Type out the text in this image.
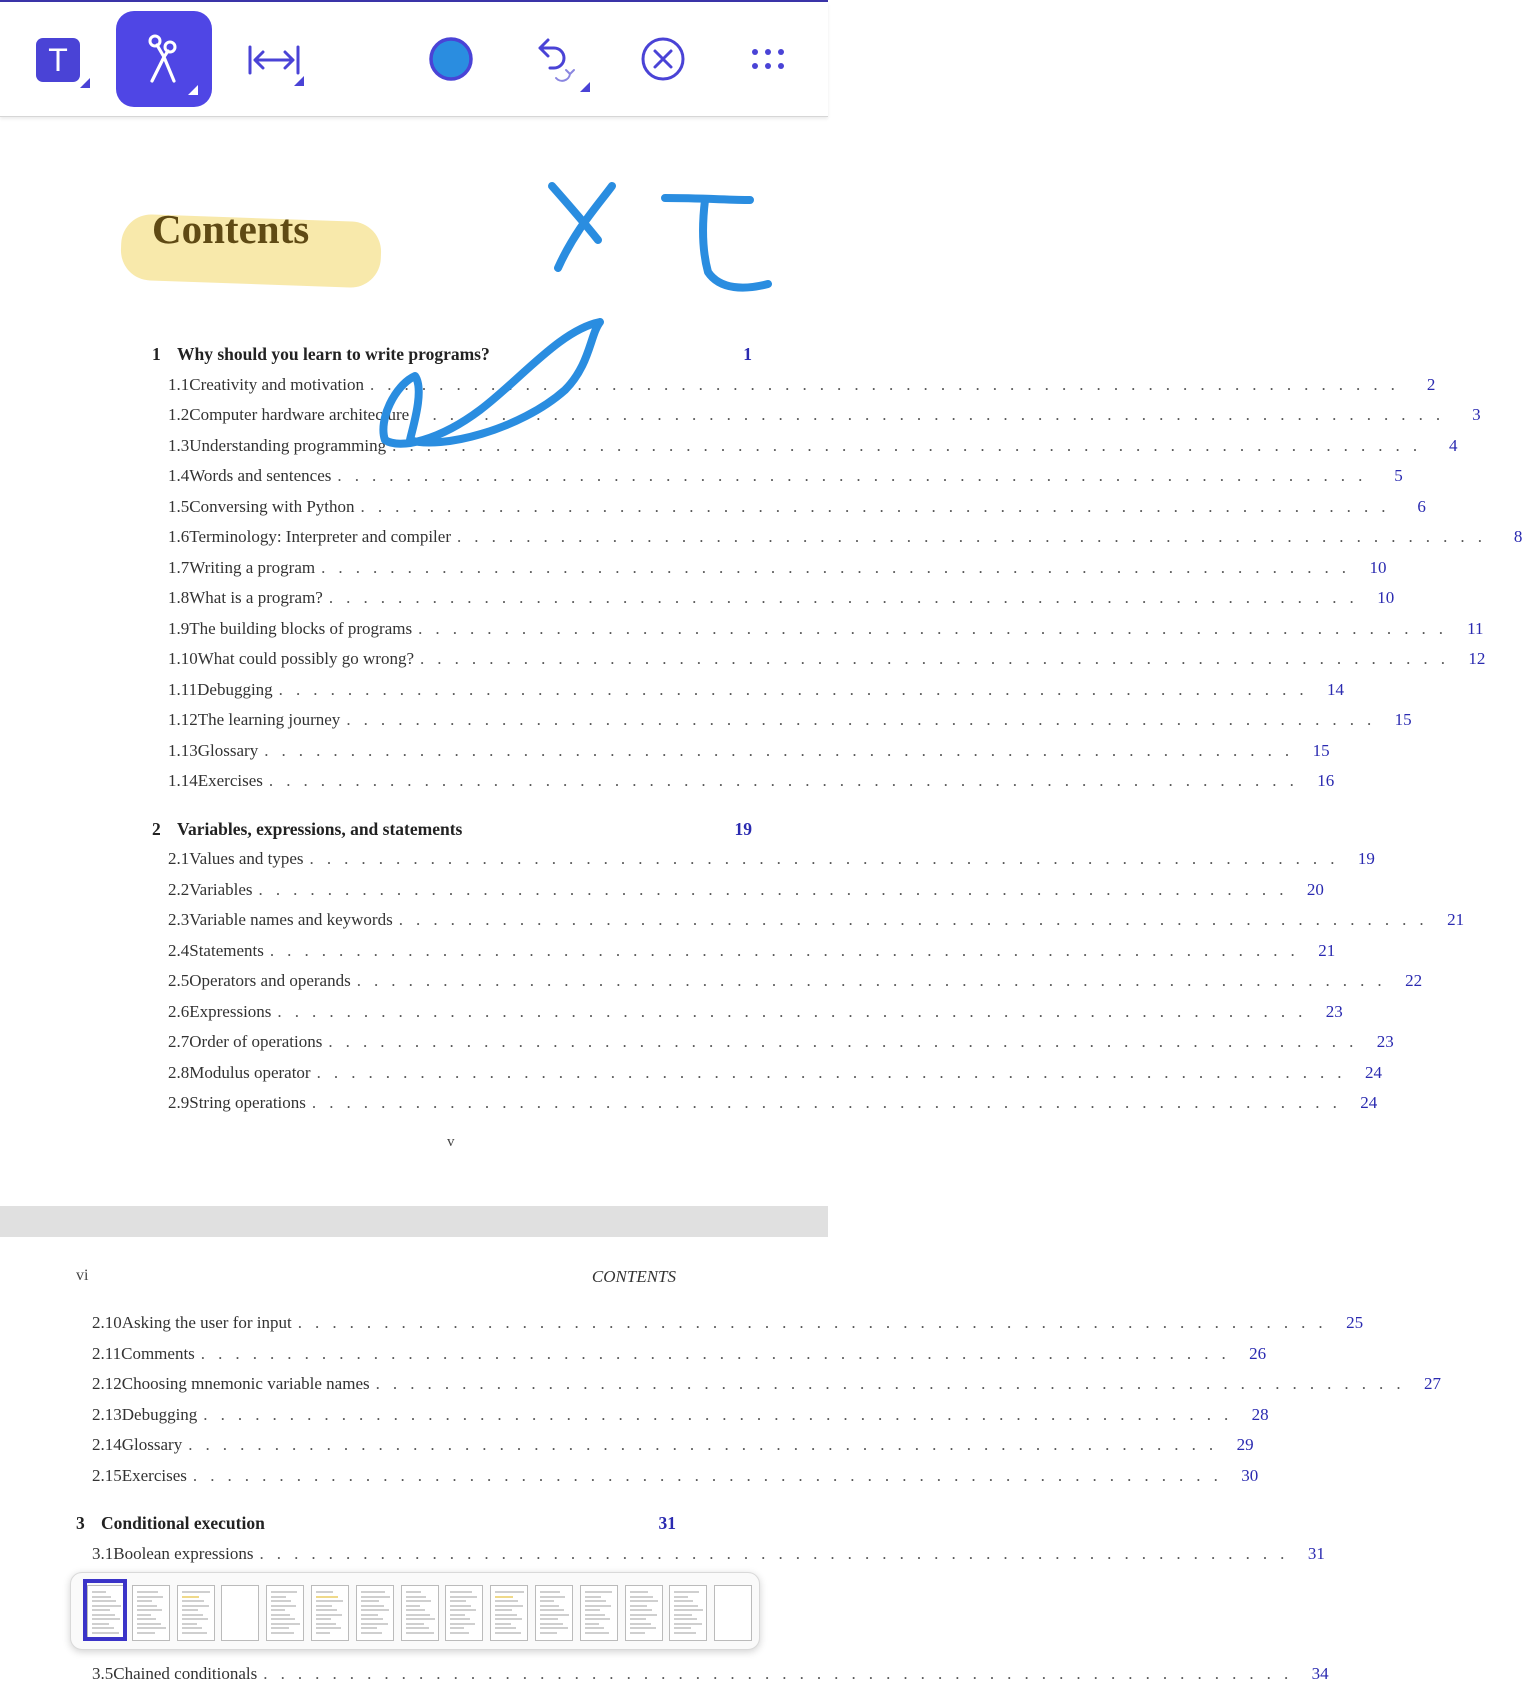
T
Contents
1 Why should you learn to write programs?	1
1.1 Creativity and motivation . . . . . . . . . . . . . . . . . . . . . . . . . . . . . . . . . . . . . . . . . . . . . . . . . . . . . . . . . . . .	2
1.2 Computer hardware architecture . . . . . . . . . . . . . . . . . . . . . . . . . . . . . . . . . . . . . . . . . . . . . . . . . . . . . . . . . . . .	3
1.3 Understanding programming . . . . . . . . . . . . . . . . . . . . . . . . . . . . . . . . . . . . . . . . . . . . . . . . . . . . . . . . . . . .	4
1.4 Words and sentences . . . . . . . . . . . . . . . . . . . . . . . . . . . . . . . . . . . . . . . . . . . . . . . . . . . . . . . . . . . .	5
1.5 Conversing with Python . . . . . . . . . . . . . . . . . . . . . . . . . . . . . . . . . . . . . . . . . . . . . . . . . . . . . . . . . . . .	6
1.6 Terminology: Interpreter and compiler . . . . . . . . . . . . . . . . . . . . . . . . . . . . . . . . . . . . . . . . . . . . . . . . . . . . . . . . . . . .	8
1.7 Writing a program . . . . . . . . . . . . . . . . . . . . . . . . . . . . . . . . . . . . . . . . . . . . . . . . . . . . . . . . . . . .	10
1.8 What is a program? . . . . . . . . . . . . . . . . . . . . . . . . . . . . . . . . . . . . . . . . . . . . . . . . . . . . . . . . . . . .	10
1.9 The building blocks of programs . . . . . . . . . . . . . . . . . . . . . . . . . . . . . . . . . . . . . . . . . . . . . . . . . . . . . . . . . . . .	11
1.10 What could possibly go wrong? . . . . . . . . . . . . . . . . . . . . . . . . . . . . . . . . . . . . . . . . . . . . . . . . . . . . . . . . . . . .	12
1.11 Debugging . . . . . . . . . . . . . . . . . . . . . . . . . . . . . . . . . . . . . . . . . . . . . . . . . . . . . . . . . . . .	14
1.12 The learning journey . . . . . . . . . . . . . . . . . . . . . . . . . . . . . . . . . . . . . . . . . . . . . . . . . . . . . . . . . . . .	15
1.13 Glossary . . . . . . . . . . . . . . . . . . . . . . . . . . . . . . . . . . . . . . . . . . . . . . . . . . . . . . . . . . . .	15
1.14 Exercises . . . . . . . . . . . . . . . . . . . . . . . . . . . . . . . . . . . . . . . . . . . . . . . . . . . . . . . . . . . .	16
2 Variables, expressions, and statements	19
2.1 Values and types . . . . . . . . . . . . . . . . . . . . . . . . . . . . . . . . . . . . . . . . . . . . . . . . . . . . . . . . . . . .	19
2.2 Variables . . . . . . . . . . . . . . . . . . . . . . . . . . . . . . . . . . . . . . . . . . . . . . . . . . . . . . . . . . . .	20
2.3 Variable names and keywords . . . . . . . . . . . . . . . . . . . . . . . . . . . . . . . . . . . . . . . . . . . . . . . . . . . . . . . . . . . .	21
2.4 Statements . . . . . . . . . . . . . . . . . . . . . . . . . . . . . . . . . . . . . . . . . . . . . . . . . . . . . . . . . . . .	21
2.5 Operators and operands . . . . . . . . . . . . . . . . . . . . . . . . . . . . . . . . . . . . . . . . . . . . . . . . . . . . . . . . . . . .	22
2.6 Expressions . . . . . . . . . . . . . . . . . . . . . . . . . . . . . . . . . . . . . . . . . . . . . . . . . . . . . . . . . . . .	23
2.7 Order of operations . . . . . . . . . . . . . . . . . . . . . . . . . . . . . . . . . . . . . . . . . . . . . . . . . . . . . . . . . . . .	23
2.8 Modulus operator . . . . . . . . . . . . . . . . . . . . . . . . . . . . . . . . . . . . . . . . . . . . . . . . . . . . . . . . . . . .	24
2.9 String operations . . . . . . . . . . . . . . . . . . . . . . . . . . . . . . . . . . . . . . . . . . . . . . . . . . . . . . . . . . . .	24
v
vi	CONTENTS
2.10 Asking the user for input . . . . . . . . . . . . . . . . . . . . . . . . . . . . . . . . . . . . . . . . . . . . . . . . . . . . . . . . . . . .	25
2.11 Comments . . . . . . . . . . . . . . . . . . . . . . . . . . . . . . . . . . . . . . . . . . . . . . . . . . . . . . . . . . . .	26
2.12 Choosing mnemonic variable names . . . . . . . . . . . . . . . . . . . . . . . . . . . . . . . . . . . . . . . . . . . . . . . . . . . . . . . . . . . .	27
2.13 Debugging . . . . . . . . . . . . . . . . . . . . . . . . . . . . . . . . . . . . . . . . . . . . . . . . . . . . . . . . . . . .	28
2.14 Glossary . . . . . . . . . . . . . . . . . . . . . . . . . . . . . . . . . . . . . . . . . . . . . . . . . . . . . . . . . . . .	29
2.15 Exercises . . . . . . . . . . . . . . . . . . . . . . . . . . . . . . . . . . . . . . . . . . . . . . . . . . . . . . . . . . . .	30
3 Conditional execution	31
3.1 Boolean expressions . . . . . . . . . . . . . . . . . . . . . . . . . . . . . . . . . . . . . . . . . . . . . . . . . . . . . . . . . . . .	31
3.5 Chained conditionals . . . . . . . . . . . . . . . . . . . . . . . . . . . . . . . . . . . . . . . . . . . . . . . . . . . . . . . . . . . .	34
